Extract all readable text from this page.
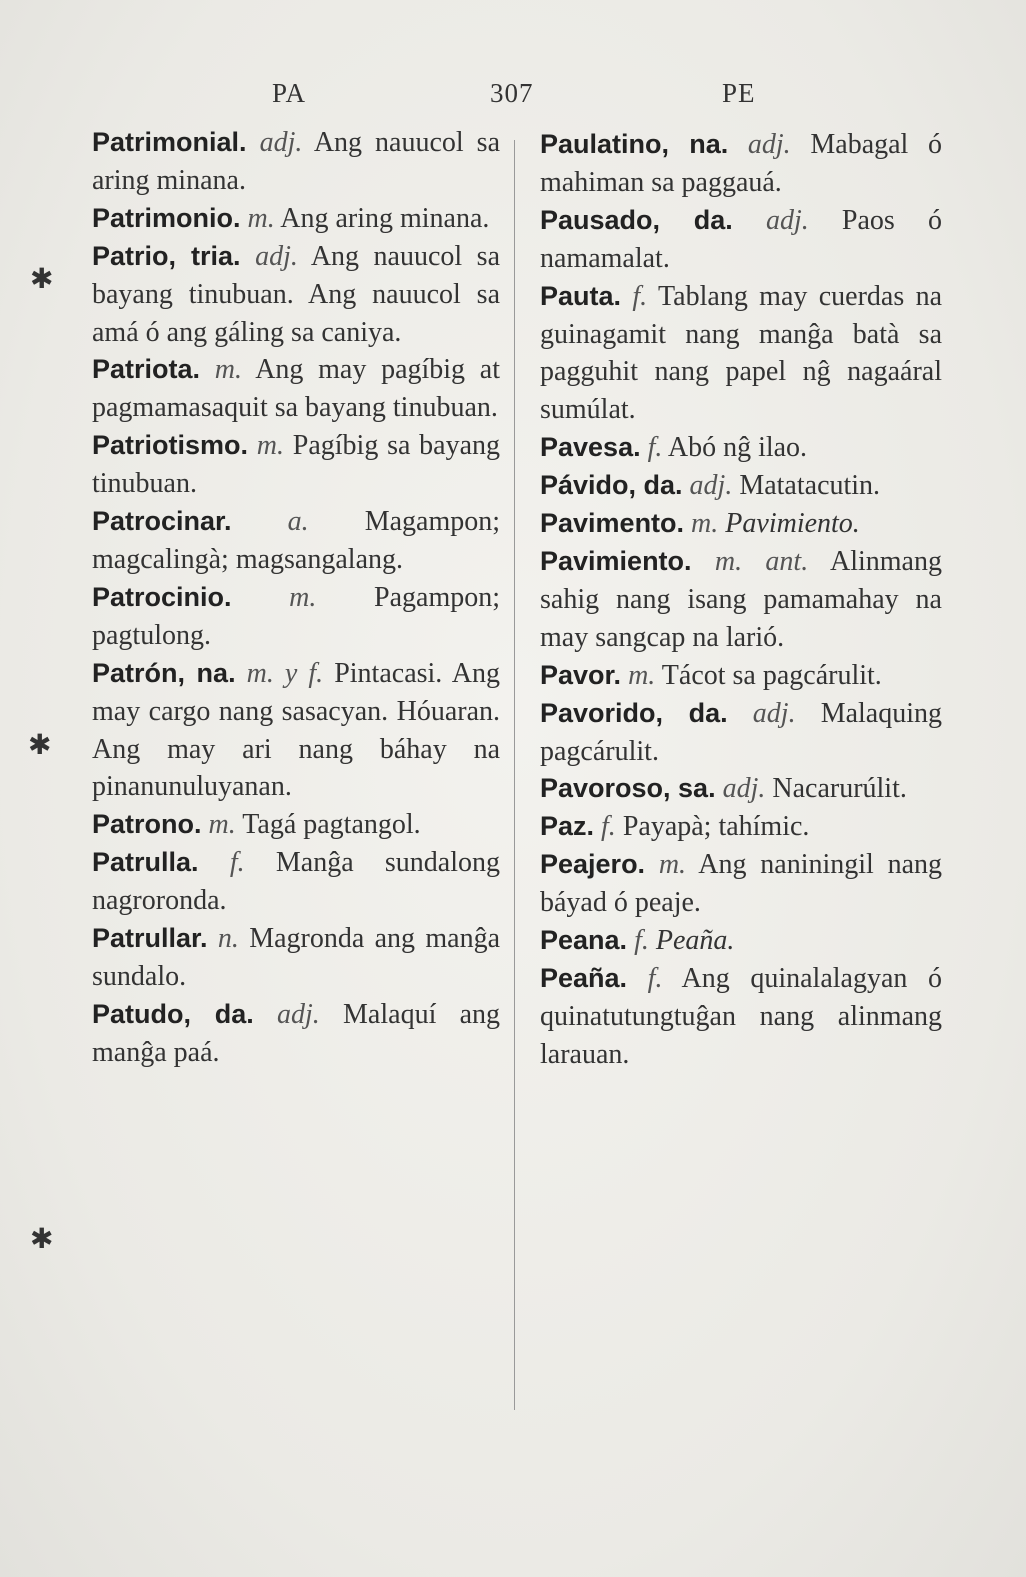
PA	307	PE
✱
✱
✱

Patrimonial. adj. Ang nauucol sa aring minana.

Patrimonio. m. Ang aring minana.

Patrio, tria. adj. Ang nauucol sa bayang tinubuan. Ang nauucol sa amá ó ang gáling sa caniya.

Patriota. m. Ang may pagíbig at pagmamasaquit sa bayang tinubuan.

Patriotismo. m. Pagíbig sa bayang tinubuan.

Patrocinar. a. Magampon; magcalingà; magsangalang.

Patrocinio. m. Pagampon; pagtulong.

Patrón, na. m. y f. Pintacasi. Ang may cargo nang sasacyan. Hóuaran. Ang may ari nang báhay na pinanunuluyanan.

Patrono. m. Tagá pagtangol.

Patrulla. f. Manĝa sundalong nagroronda.

Patrullar. n. Magronda ang manĝa sundalo.

Patudo, da. adj. Malaquí ang manĝa paá.

Paulatino, na. adj. Mabagal ó mahiman sa paggauá.

Pausado, da. adj. Paos ó namamalat.

Pauta. f. Tablang may cuerdas na guinagamit nang manĝa batà sa pagguhit nang papel nĝ nagaáral sumúlat.

Pavesa. f. Abó nĝ ilao.

Pávido, da. adj. Matatacutin.

Pavimento. m. Pavimiento.

Pavimiento. m. ant. Alinmang sahig nang isang pamamahay na may sangcap na larió.

Pavor. m. Tácot sa pagcárulit.

Pavorido, da. adj. Malaquing pagcárulit.

Pavoroso, sa. adj. Nacarurúlit.

Paz. f. Payapà; tahímic.

Peajero. m. Ang naniningil nang báyad ó peaje.

Peana. f. Peaña.

Peaña. f. Ang quinalalagyan ó quinatutungtuĝan nang alinmang larauan.
